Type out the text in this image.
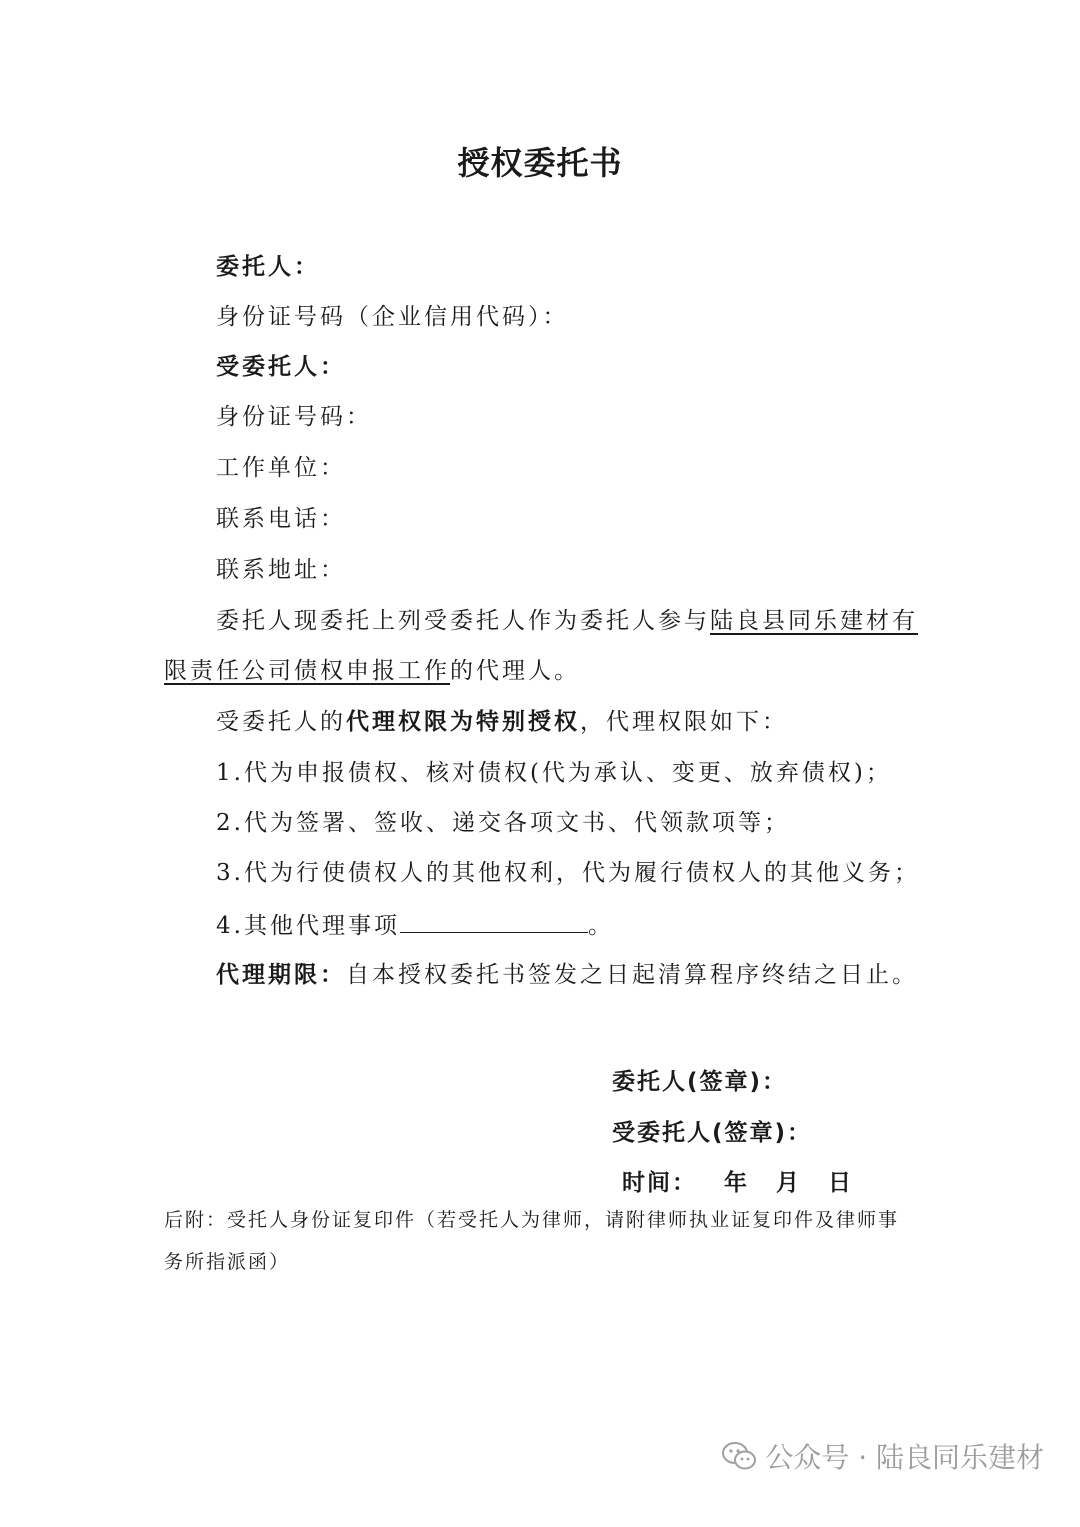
授权委托书
委托人：
身份证号码（企业信用代码）：
受委托人：
身份证号码：
工作单位：
联系电话：
联系地址：
委托人现委托上列受委托人作为委托人参与陆良县同乐建材有
限责任公司债权申报工作的代理人。
受委托人的代理权限为特别授权，代理权限如下：
1.代为申报债权、核对债权(代为承认、变更、放弃债权)；
2.代为签署、签收、递交各项文书、代领款项等；
3.代为行使债权人的其他权利，代为履行债权人的其他义务；
4.其他代理事项	。
代理期限：自本授权委托书签发之日起清算程序终结之日止。
委托人(签章)：
受委托人(签章)：
时间： 年 月 日
后附：受托人身份证复印件（若受托人为律师，请附律师执业证复印件及律师事
务所指派函）
公众号 · 陆良同乐建材
